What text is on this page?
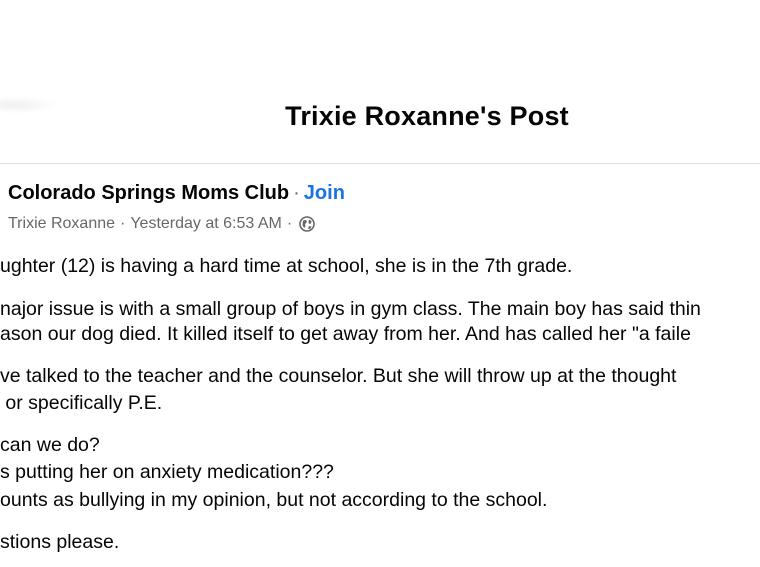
Trixie Roxanne's Post
Colorado Springs Moms Club · Join
Trixie Roxanne · Yesterday at 6:53 AM ·
ughter (12) is having a hard time at school, she is in the 7th grade.
najor issue is with a small group of boys in gym class. The main boy has said thin
ason our dog died. It killed itself to get away from her. And has called her "a faile
ve talked to the teacher and the counselor. But she will throw up at the thought
or specifically P.E.
can we do?
s putting her on anxiety medication???
ounts as bullying in my opinion, but not according to the school.
stions please.
